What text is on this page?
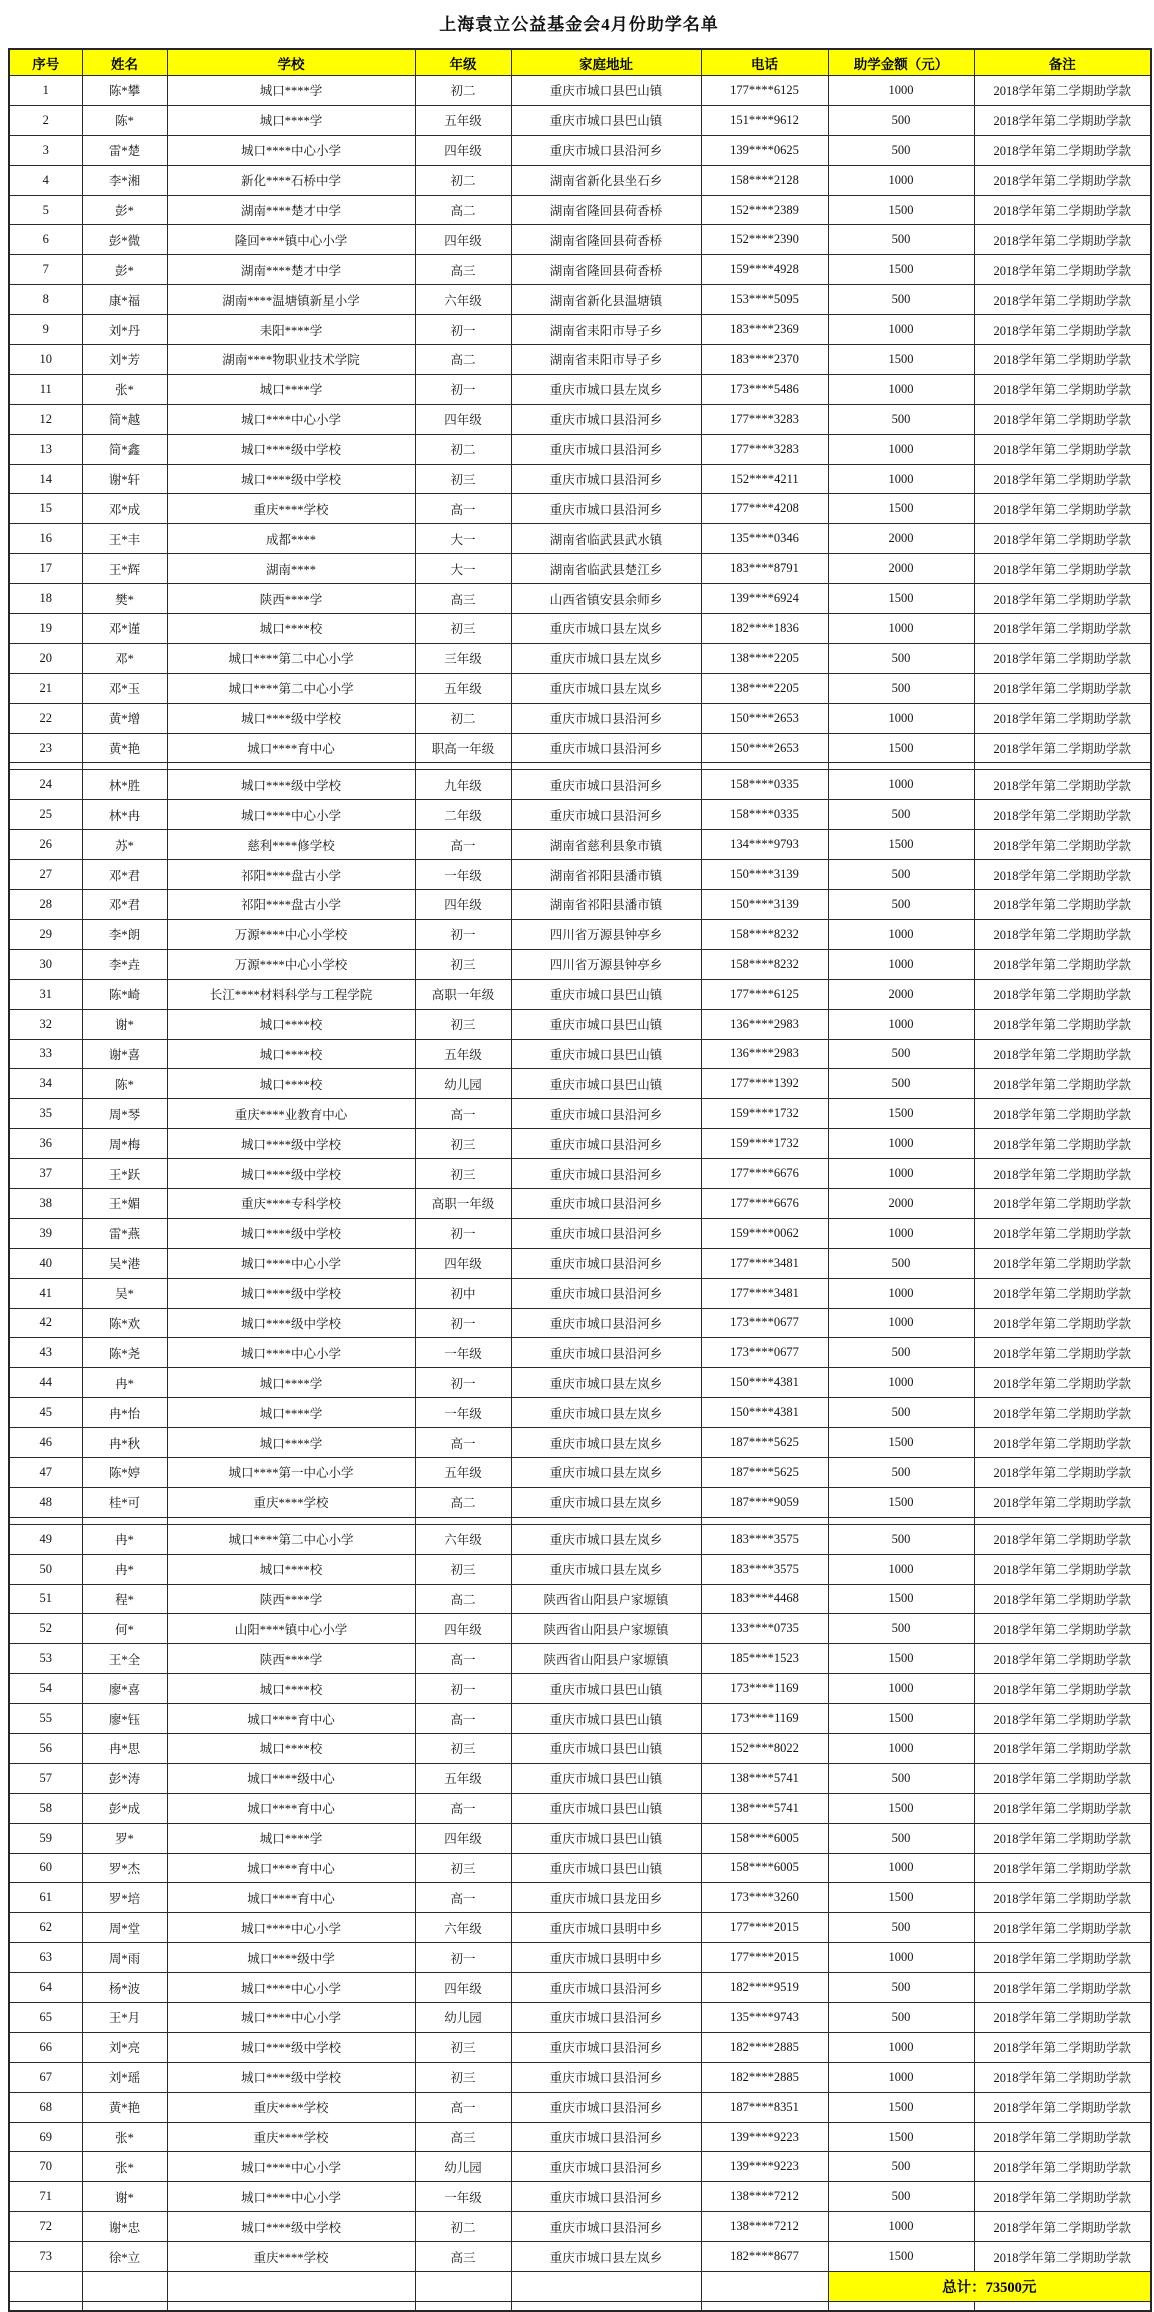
上海袁立公益基金会4月份助学名单
序号	姓名	学校	年级	家庭地址	电话	助学金额（元）	备注
1	陈*攀	城口****学	初二	重庆市城口县巴山镇	177****6125	1000	2018学年第二学期助学款
2	陈*	城口****学	五年级	重庆市城口县巴山镇	151****9612	500	2018学年第二学期助学款
3	雷*楚	城口****中心小学	四年级	重庆市城口县沿河乡	139****0625	500	2018学年第二学期助学款
4	李*湘	新化****石桥中学	初二	湖南省新化县坐石乡	158****2128	1000	2018学年第二学期助学款
5	彭*	湖南****楚才中学	高二	湖南省隆回县荷香桥	152****2389	1500	2018学年第二学期助学款
6	彭*微	隆回****镇中心小学	四年级	湖南省隆回县荷香桥	152****2390	500	2018学年第二学期助学款
7	彭*	湖南****楚才中学	高三	湖南省隆回县荷香桥	159****4928	1500	2018学年第二学期助学款
8	康*福	湖南****温塘镇新星小学	六年级	湖南省新化县温塘镇	153****5095	500	2018学年第二学期助学款
9	刘*丹	耒阳****学	初一	湖南省耒阳市导子乡	183****2369	1000	2018学年第二学期助学款
10	刘*芳	湖南****物职业技术学院	高二	湖南省耒阳市导子乡	183****2370	1500	2018学年第二学期助学款
11	张*	城口****学	初一	重庆市城口县左岚乡	173****5486	1000	2018学年第二学期助学款
12	简*越	城口****中心小学	四年级	重庆市城口县沿河乡	177****3283	500	2018学年第二学期助学款
13	简*鑫	城口****级中学校	初二	重庆市城口县沿河乡	177****3283	1000	2018学年第二学期助学款
14	谢*轩	城口****级中学校	初三	重庆市城口县沿河乡	152****4211	1000	2018学年第二学期助学款
15	邓*成	重庆****学校	高一	重庆市城口县沿河乡	177****4208	1500	2018学年第二学期助学款
16	王*丰	成都****	大一	湖南省临武县武水镇	135****0346	2000	2018学年第二学期助学款
17	王*辉	湖南****	大一	湖南省临武县楚江乡	183****8791	2000	2018学年第二学期助学款
18	樊*	陕西****学	高三	山西省镇安县余师乡	139****6924	1500	2018学年第二学期助学款
19	邓*谨	城口****校	初三	重庆市城口县左岚乡	182****1836	1000	2018学年第二学期助学款
20	邓*	城口****第二中心小学	三年级	重庆市城口县左岚乡	138****2205	500	2018学年第二学期助学款
21	邓*玉	城口****第二中心小学	五年级	重庆市城口县左岚乡	138****2205	500	2018学年第二学期助学款
22	黄*增	城口****级中学校	初二	重庆市城口县沿河乡	150****2653	1000	2018学年第二学期助学款
23	黄*艳	城口****育中心	职高一年级	重庆市城口县沿河乡	150****2653	1500	2018学年第二学期助学款

24	林*胜	城口****级中学校	九年级	重庆市城口县沿河乡	158****0335	1000	2018学年第二学期助学款
25	林*冉	城口****中心小学	二年级	重庆市城口县沿河乡	158****0335	500	2018学年第二学期助学款
26	苏*	慈利****修学校	高一	湖南省慈利县象市镇	134****9793	1500	2018学年第二学期助学款
27	邓*君	祁阳****盘古小学	一年级	湖南省祁阳县潘市镇	150****3139	500	2018学年第二学期助学款
28	邓*君	祁阳****盘古小学	四年级	湖南省祁阳县潘市镇	150****3139	500	2018学年第二学期助学款
29	李*朗	万源****中心小学校	初一	四川省万源县钟亭乡	158****8232	1000	2018学年第二学期助学款
30	李*垚	万源****中心小学校	初三	四川省万源县钟亭乡	158****8232	1000	2018学年第二学期助学款
31	陈*崎	长江****材料科学与工程学院	高职一年级	重庆市城口县巴山镇	177****6125	2000	2018学年第二学期助学款
32	谢*	城口****校	初三	重庆市城口县巴山镇	136****2983	1000	2018学年第二学期助学款
33	谢*喜	城口****校	五年级	重庆市城口县巴山镇	136****2983	500	2018学年第二学期助学款
34	陈*	城口****校	幼儿园	重庆市城口县巴山镇	177****1392	500	2018学年第二学期助学款
35	周*琴	重庆****业教育中心	高一	重庆市城口县沿河乡	159****1732	1500	2018学年第二学期助学款
36	周*梅	城口****级中学校	初三	重庆市城口县沿河乡	159****1732	1000	2018学年第二学期助学款
37	王*跃	城口****级中学校	初三	重庆市城口县沿河乡	177****6676	1000	2018学年第二学期助学款
38	王*媚	重庆****专科学校	高职一年级	重庆市城口县沿河乡	177****6676	2000	2018学年第二学期助学款
39	雷*燕	城口****级中学校	初一	重庆市城口县沿河乡	159****0062	1000	2018学年第二学期助学款
40	吴*港	城口****中心小学	四年级	重庆市城口县沿河乡	177****3481	500	2018学年第二学期助学款
41	吴*	城口****级中学校	初中	重庆市城口县沿河乡	177****3481	1000	2018学年第二学期助学款
42	陈*欢	城口****级中学校	初一	重庆市城口县沿河乡	173****0677	1000	2018学年第二学期助学款
43	陈*尧	城口****中心小学	一年级	重庆市城口县沿河乡	173****0677	500	2018学年第二学期助学款
44	冉*	城口****学	初一	重庆市城口县左岚乡	150****4381	1000	2018学年第二学期助学款
45	冉*怡	城口****学	一年级	重庆市城口县左岚乡	150****4381	500	2018学年第二学期助学款
46	冉*秋	城口****学	高一	重庆市城口县左岚乡	187****5625	1500	2018学年第二学期助学款
47	陈*婷	城口****第一中心小学	五年级	重庆市城口县左岚乡	187****5625	500	2018学年第二学期助学款
48	桂*可	重庆****学校	高二	重庆市城口县左岚乡	187****9059	1500	2018学年第二学期助学款

49	冉*	城口****第二中心小学	六年级	重庆市城口县左岚乡	183****3575	500	2018学年第二学期助学款
50	冉*	城口****校	初三	重庆市城口县左岚乡	183****3575	1000	2018学年第二学期助学款
51	程*	陕西****学	高二	陕西省山阳县户家塬镇	183****4468	1500	2018学年第二学期助学款
52	何*	山阳****镇中心小学	四年级	陕西省山阳县户家塬镇	133****0735	500	2018学年第二学期助学款
53	王*全	陕西****学	高一	陕西省山阳县户家塬镇	185****1523	1500	2018学年第二学期助学款
54	廖*喜	城口****校	初一	重庆市城口县巴山镇	173****1169	1000	2018学年第二学期助学款
55	廖*钰	城口****育中心	高一	重庆市城口县巴山镇	173****1169	1500	2018学年第二学期助学款
56	冉*思	城口****校	初三	重庆市城口县巴山镇	152****8022	1000	2018学年第二学期助学款
57	彭*涛	城口****级中心	五年级	重庆市城口县巴山镇	138****5741	500	2018学年第二学期助学款
58	彭*成	城口****育中心	高一	重庆市城口县巴山镇	138****5741	1500	2018学年第二学期助学款
59	罗*	城口****学	四年级	重庆市城口县巴山镇	158****6005	500	2018学年第二学期助学款
60	罗*杰	城口****育中心	初三	重庆市城口县巴山镇	158****6005	1000	2018学年第二学期助学款
61	罗*培	城口****育中心	高一	重庆市城口县龙田乡	173****3260	1500	2018学年第二学期助学款
62	周*堂	城口****中心小学	六年级	重庆市城口县明中乡	177****2015	500	2018学年第二学期助学款
63	周*雨	城口****级中学	初一	重庆市城口县明中乡	177****2015	1000	2018学年第二学期助学款
64	杨*波	城口****中心小学	四年级	重庆市城口县沿河乡	182****9519	500	2018学年第二学期助学款
65	王*月	城口****中心小学	幼儿园	重庆市城口县沿河乡	135****9743	500	2018学年第二学期助学款
66	刘*亮	城口****级中学校	初三	重庆市城口县沿河乡	182****2885	1000	2018学年第二学期助学款
67	刘*瑶	城口****级中学校	初三	重庆市城口县沿河乡	182****2885	1000	2018学年第二学期助学款
68	黄*艳	重庆****学校	高一	重庆市城口县沿河乡	187****8351	1500	2018学年第二学期助学款
69	张*	重庆****学校	高三	重庆市城口县沿河乡	139****9223	1500	2018学年第二学期助学款
70	张*	城口****中心小学	幼儿园	重庆市城口县沿河乡	139****9223	500	2018学年第二学期助学款
71	谢*	城口****中心小学	一年级	重庆市城口县沿河乡	138****7212	500	2018学年第二学期助学款
72	谢*忠	城口****级中学校	初二	重庆市城口县沿河乡	138****7212	1000	2018学年第二学期助学款
73	徐*立	重庆****学校	高三	重庆市城口县左岚乡	182****8677	1500	2018学年第二学期助学款
						总计：73500元	
